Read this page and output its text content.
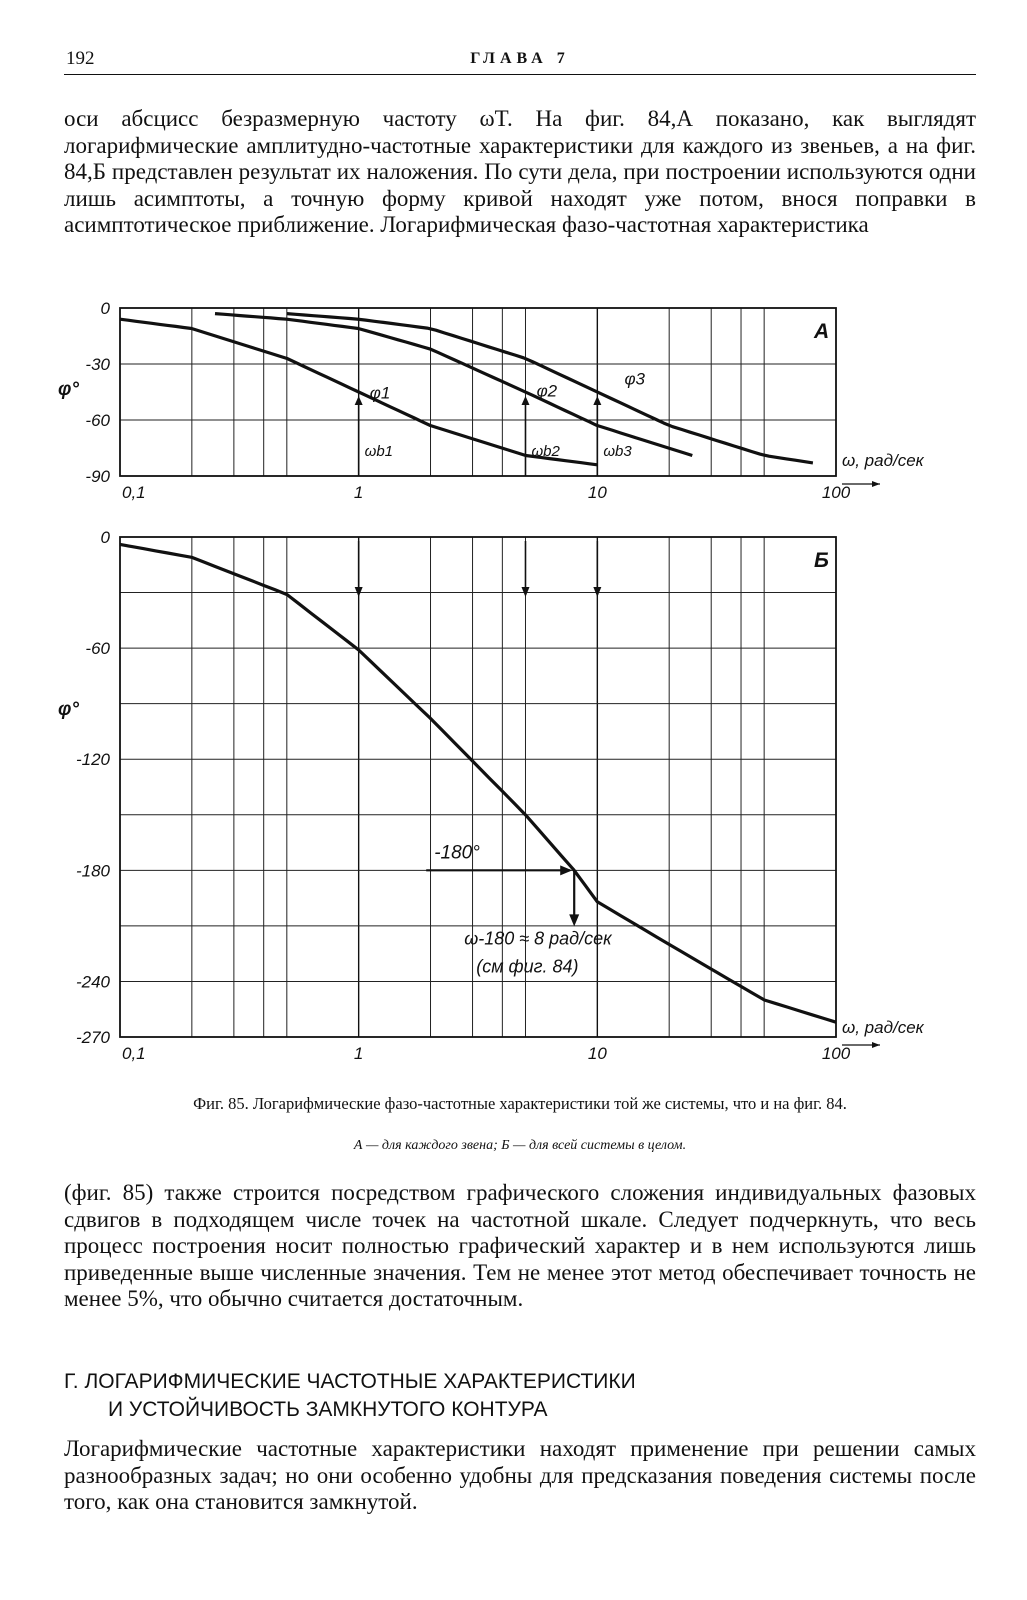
192	ГЛАВА 7

оси абсцисс безразмерную частоту ωT. На фиг. 84,А показано, как выглядят логарифмические амплитудно-частотные характеристики для каждого из звеньев, а на фиг. 84,Б представлен результат их наложения. По сути дела, при построении используются одни лишь асимптоты, а точную форму кривой находят уже потом, внося поправки в асимптотическое приближение. Логарифмическая фазо-частотная характеристика

0
-30
-60
-90
0,1	1	10	100
φ°
ω, рад/сек
А
φ1	φ2
φ3
ωb1	ωb2	ωb3
0
-60
-120
-180
-240
-270
0,1	1	10	100
φ°
ω, рад/сек
Б
-180°
ω-180 ≈ 8 рад/сек
(см фиг. 84)
Фиг. 85. Логарифмические фазо-частотные характеристики той же системы, что и на фиг. 84.
А — для каждого звена; Б — для всей системы в целом.

(фиг. 85) также строится посредством графического сложения индивидуальных фазовых сдвигов в подходящем числе точек на частотной шкале. Следует подчеркнуть, что весь процесс построения носит полностью графический характер и в нем используются лишь приведенные выше численные значения. Тем не менее этот метод обеспечивает точность не менее 5%, что обычно считается достаточным.

Г. ЛОГАРИФМИЧЕСКИЕ ЧАСТОТНЫЕ ХАРАКТЕРИСТИКИ
И УСТОЙЧИВОСТЬ ЗАМКНУТОГО КОНТУРА

Логарифмические частотные характеристики находят применение при решении самых разнообразных задач; но они особенно удобны для предсказания поведения системы после того, как она становится замкнутой.
